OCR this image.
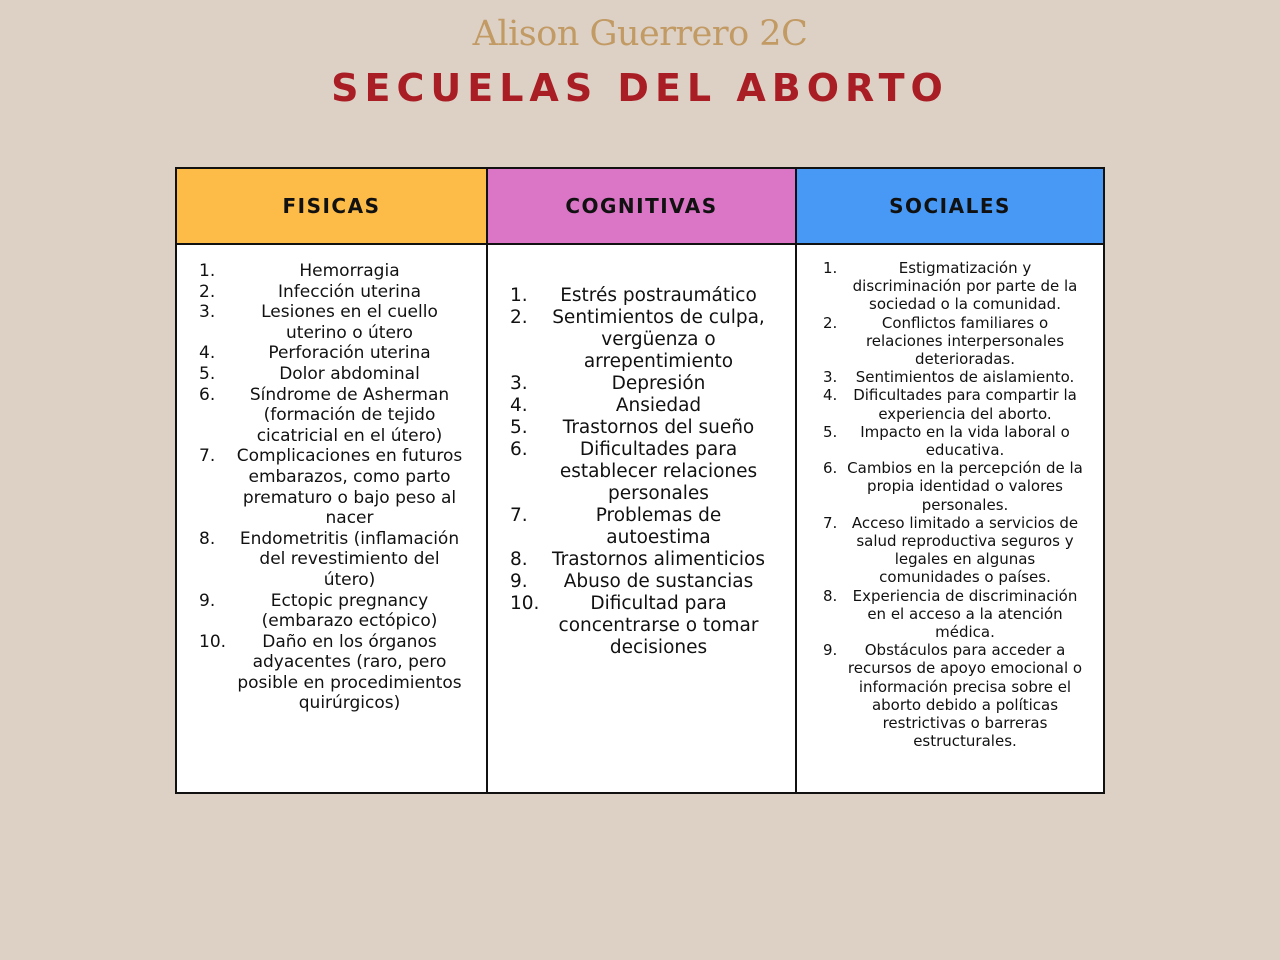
Alison Guerrero 2C
SECUELAS DEL ABORTO
FISICAS
1.	Hemorragia
2.	Infección uterina
3.	Lesiones en el cuello uterino o útero
4.	Perforación uterina
5.	Dolor abdominal
6.	Síndrome de Asherman (formación de tejido cicatricial en el útero)
7.	Complicaciones en futuros embarazos, como parto prematuro o bajo peso al nacer
8.	Endometritis (inflamación del revestimiento del útero)
9.	Ectopic pregnancy (embarazo ectópico)
10.	Daño en los órganos adyacentes (raro, pero posible en procedimientos quirúrgicos)
COGNITIVAS
1.	Estrés postraumático
2.	Sentimientos de culpa, vergüenza o arrepentimiento
3.	Depresión
4.	Ansiedad
5.	Trastornos del sueño
6.	Dificultades para establecer relaciones personales
7.	Problemas de autoestima
8.	Trastornos alimenticios
9.	Abuso de sustancias
10.	Dificultad para concentrarse o tomar decisiones
SOCIALES
1.	Estigmatización y discriminación por parte de la sociedad o la comunidad.
2.	Conflictos familiares o relaciones interpersonales deterioradas.
3.	Sentimientos de aislamiento.
4.	Dificultades para compartir la experiencia del aborto.
5.	Impacto en la vida laboral o educativa.
6. Cambios en la percepción de la propia identidad o valores personales.
7. Acceso limitado a servicios de salud reproductiva seguros y legales en algunas comunidades o países.
8.	Experiencia de discriminación en el acceso a la atención médica.
9.	Obstáculos para acceder a recursos de apoyo emocional o información precisa sobre el aborto debido a políticas restrictivas o barreras estructurales.
